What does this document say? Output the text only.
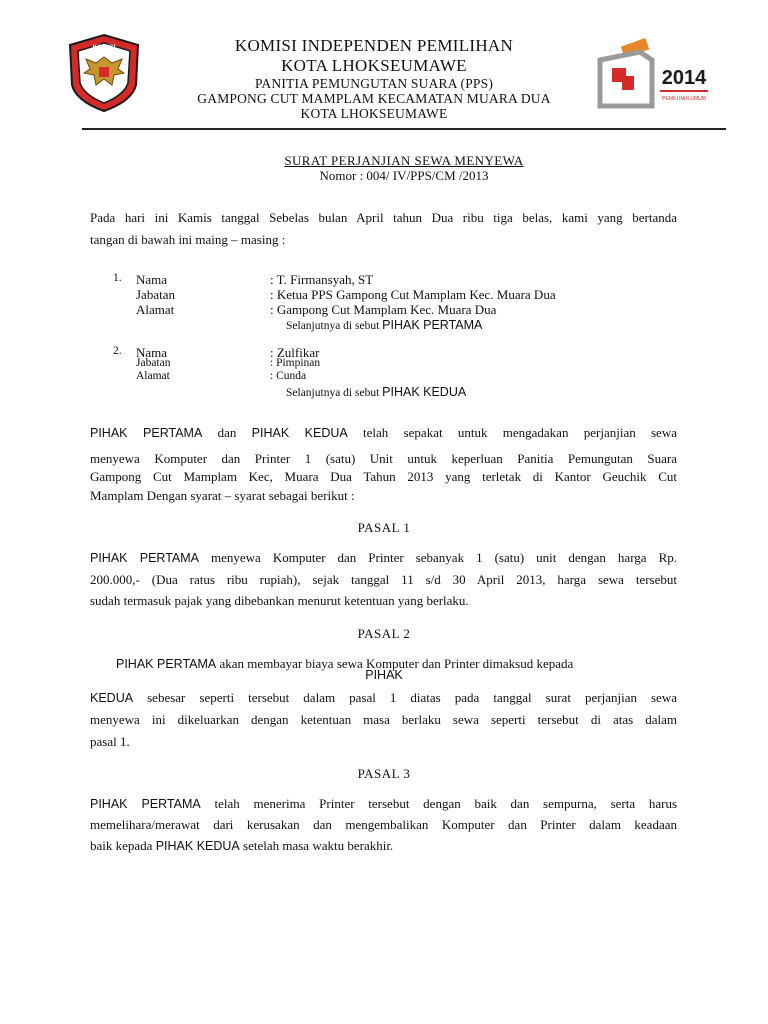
KOMISI	KOMISI INDEPENDEN PEMILIHAN
KOTA LHOKSEUMAWE
PANITIA PEMUNGUTAN SUARA (PPS)
GAMPONG CUT MAMPLAM KECAMATAN MUARA DUA
KOTA LHOKSEUMAWE
2014
PEMILIHAN UMUM
SURAT PERJANJIAN SEWA MENYEWA
Nomor : 004/ IV/PPS/CM /2013
Pada hari ini Kamis tanggal Sebelas bulan April tahun Dua ribu tiga belas, kami yang bertanda
tangan di bawah ini maing – masing :
1. Nama	: T. Firmansyah, ST
Jabatan	: Ketua PPS Gampong Cut Mamplam Kec. Muara Dua
Alamat	: Gampong Cut Mamplam Kec. Muara Dua
Selanjutnya di sebut PIHAK PERTAMA
2. Nama	: Zulfikar
Jabatan	: Pimpinan
Alamat	: Cunda
Selanjutnya di sebut PIHAK KEDUA
PIHAK PERTAMA dan PIHAK KEDUA telah sepakat untuk mengadakan perjanjian sewa
menyewa Komputer dan Printer 1 (satu) Unit untuk keperluan Panitia Pemungutan Suara
Gampong Cut Mamplam Kec, Muara Dua Tahun 2013 yang terletak di Kantor Geuchik Cut
Mamplam Dengan syarat – syarat sebagai berikut :
PASAL 1
PIHAK PERTAMA menyewa Komputer dan Printer sebanyak 1 (satu) unit dengan harga Rp.
200.000,- (Dua ratus ribu rupiah), sejak tanggal 11 s/d 30 April 2013, harga sewa tersebut
sudah termasuk pajak yang dibebankan menurut ketentuan yang berlaku.
PASAL 2
PIHAK PERTAMA akan membayar biaya sewa Komputer dan Printer dimaksud kepada
PIHAK
KEDUA sebesar seperti tersebut dalam pasal 1 diatas pada tanggal surat perjanjian sewa
menyewa ini dikeluarkan dengan ketentuan masa berlaku sewa seperti tersebut di atas dalam
pasal 1.
PASAL 3
PIHAK PERTAMA telah menerima Printer tersebut dengan baik dan sempurna, serta harus
memelihara/merawat dari kerusakan dan mengembalikan Komputer dan Printer dalam keadaan
baik kepada PIHAK KEDUA setelah masa waktu berakhir.
